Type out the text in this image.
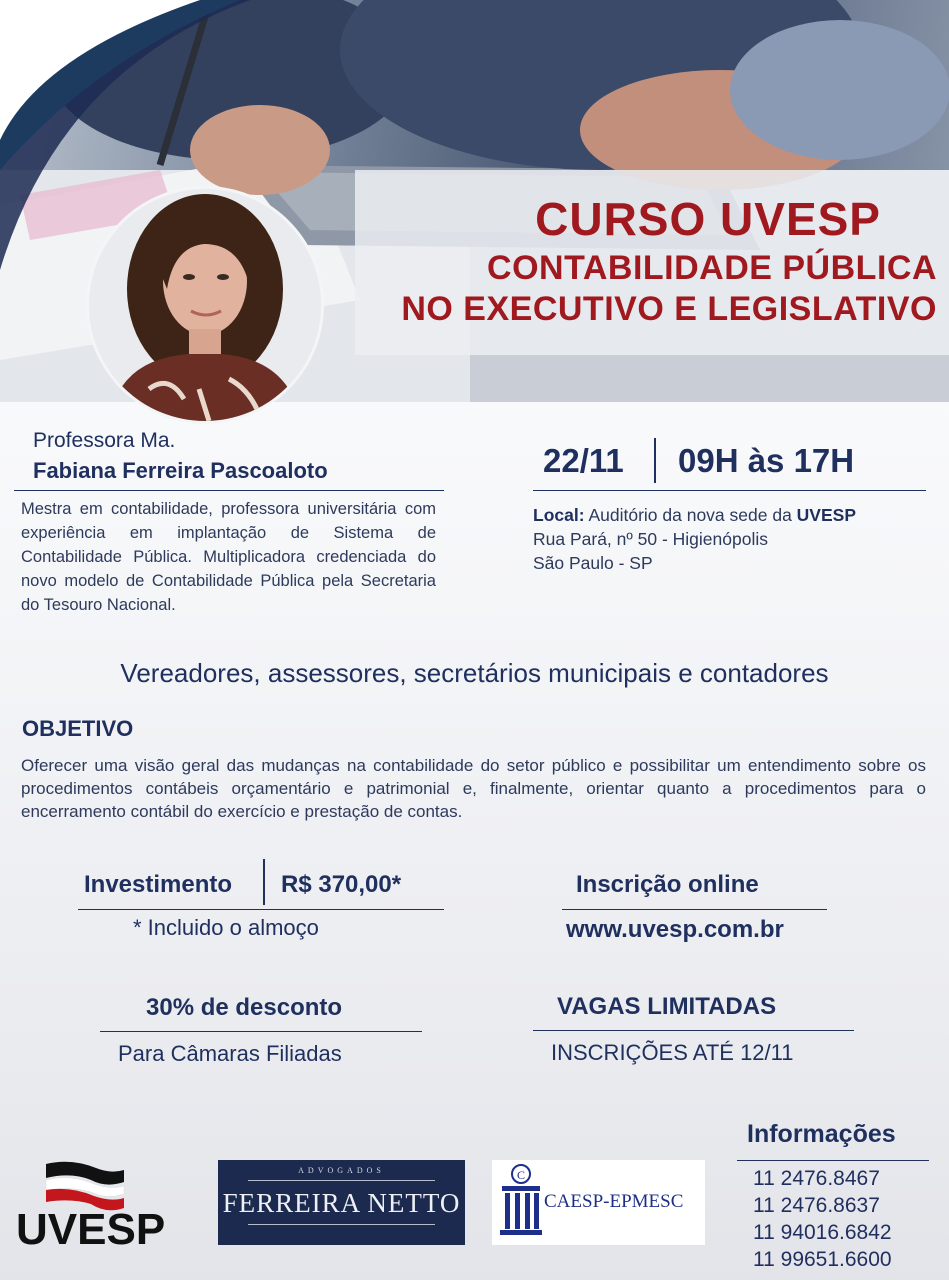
CURSO UVESP
CONTABILIDADE PÚBLICA
NO EXECUTIVO E LEGISLATIVO
Professora Ma.
Fabiana Ferreira Pascoaloto
Mestra em contabilidade, professora universitária com experiência em implantação de Sistema de Contabilidade Pública. Multiplicadora credenciada do novo modelo de Contabilidade Pública pela Secretaria do Tesouro Nacional.
22/11 09H às 17H
Local: Auditório da nova sede da UVESP
Rua Pará, nº 50 - Higienópolis
São Paulo - SP
Vereadores, assessores, secretários municipais e contadores
OBJETIVO
Oferecer uma visão geral das mudanças na contabilidade do setor público e possibilitar um entendimento sobre os procedimentos contábeis orçamentário e patrimonial e, finalmente, orientar quanto a procedimentos para o encerramento contábil do exercício e prestação de contas.
Investimento R$ 370,00*
* Incluido o almoço
Inscrição online
www.uvesp.com.br
30% de desconto
Para Câmaras Filiadas
VAGAS LIMITADAS
INSCRIÇÕES ATÉ 12/11
Informações
11 2476.8467
11 2476.8637
11 94016.6842
11 99651.6600
UVESP
ADVOGADOS
FERREIRA NETTO
C
CAESP-EPMESC
